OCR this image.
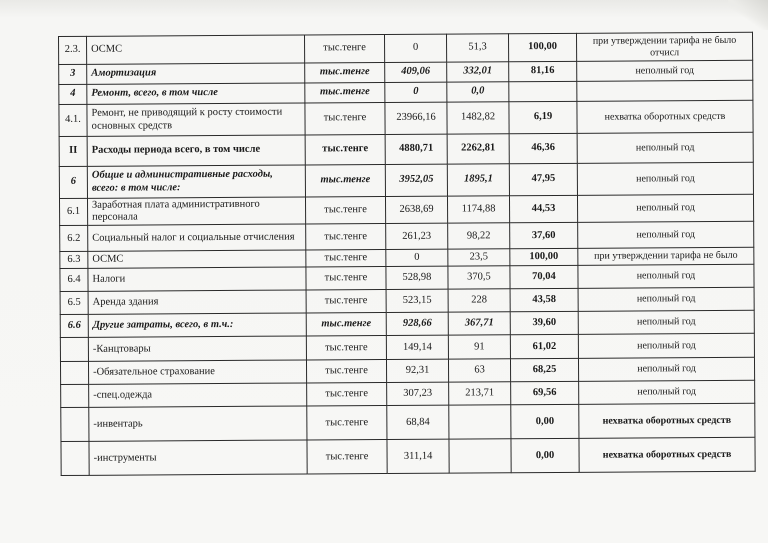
2.3.	ОСМС	тыс.тенге	0	51,3	100,00	при утверждении тарифа не было отчисл
3	Амортизация	тыс.тенге	409,06	332,01	81,16	неполный год
4	Ремонт, всего, в том числе	тыс.тенге	0	0,0		
4.1.	Ремонт, не приводящий к росту стоимости основных средств	тыс.тенге	23966,16	1482,82	6,19	нехватка оборотных средств
II	Расходы периода всего, в том числе	тыс.тенге	4880,71	2262,81	46,36	неполный год
6	Общие и административные расходы, всего: в том числе:	тыс.тенге	3952,05	1895,1	47,95	неполный год
6.1	Заработная плата административного персонала	тыс.тенге	2638,69	1174,88	44,53	неполный год
6.2	Социальный налог и социальные отчисления	тыс.тенге	261,23	98,22	37,60	неполный год
6.3	ОСМС	тыс.тенге	0	23,5	100,00	при утверждении тарифа не было
6.4	Налоги	тыс.тенге	528,98	370,5	70,04	неполный год
6.5	Аренда здания	тыс.тенге	523,15	228	43,58	неполный год
6.6	Другие затраты, всего, в т.ч.:	тыс.тенге	928,66	367,71	39,60	неполный год
	-Канцтовары	тыс.тенге	149,14	91	61,02	неполный год
	-Обязательное страхование	тыс.тенге	92,31	63	68,25	неполный год
	-спец.одежда	тыс.тенге	307,23	213,71	69,56	неполный год
	-инвентарь	тыс.тенге	68,84		0,00	нехватка оборотных средств
	-инструменты	тыс.тенге	311,14		0,00	нехватка оборотных средств
